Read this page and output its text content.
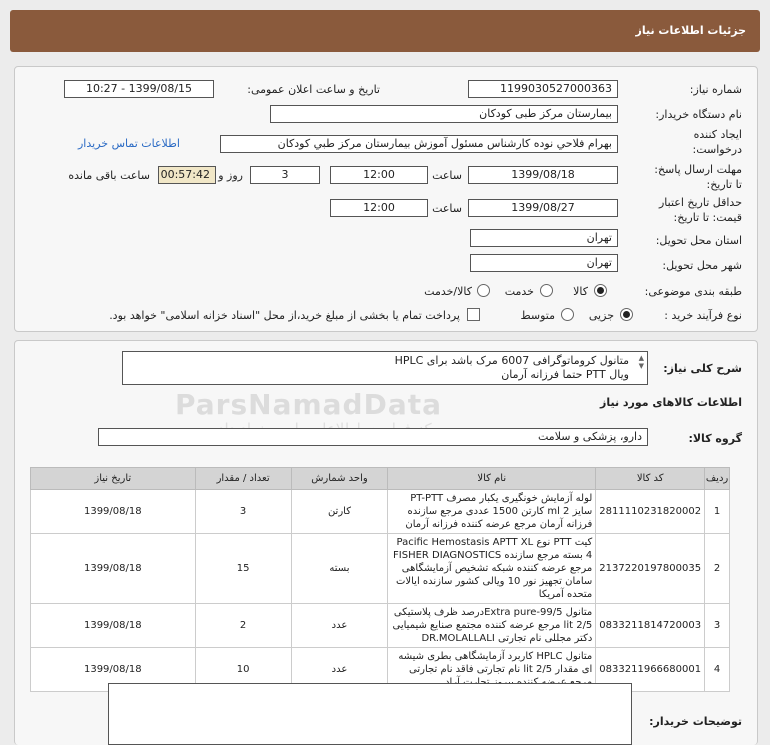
جزئیات اطلاعات نیاز
شماره نیاز:
1199030527000363
تاریخ و ساعت اعلان عمومی:
1399/08/15 - 10:27
نام دستگاه خریدار:
بیمارستان مرکز طبی کودکان
ایجاد کننده
درخواست:
بهرام فلاحي نوده كارشناس مسئول آموزش بيمارستان مركز طبي كودكان
اطلاعات تماس خریدار
مهلت ارسال پاسخ:
تا تاریخ:
1399/08/18
ساعت
12:00
3
روز و
00:57:42
ساعت باقی مانده
حداقل تاریخ اعتبار
قیمت: تا تاریخ:
1399/08/27
ساعت
12:00
استان محل تحویل:
تهران
شهر محل تحویل:
تهران
طبقه بندی موضوعی:
کالا
خدمت
کالا/خدمت
نوع فرآیند خرید :
جزیی
متوسط
پرداخت تمام یا بخشی از مبلغ خرید،از محل "اسناد خزانه اسلامی" خواهد بود.
شرح کلی نیاز:
متانول کروماتوگرافی 6007 مرک باشد برای HPLC
ویال PTT حتما فرزانه آرمان
▲
▼
ParsNamadData	اطلاعات کالاهای مورد نیاز
گروه کالا:
دارو، پزشکی و سلامت
ردیف	کد کالا	نام کالا	واحد شمارش	تعداد / مقدار	تاریخ نیاز
1	2811110231820002	لوله آزمایش خونگیری یکبار مصرف PT-PTT سایز ml 2 کارتن 1500 عددی مرجع سازنده فرزانه آرمان مرجع عرضه کننده فرزانه آرمان	کارتن	3	1399/08/18
2	2137220197800035	کیت PTT نوع Pacific Hemostasis APTT XL 4 بسته مرجع سازنده FISHER DIAGNOSTICS مرجع عرضه کننده شبکه تشخیص آزمایشگاهی سامان تجهیز نور 10 ویالی کشور سازنده ایالات متحده آمریکا	بسته	15	1399/08/18
3	0833211814720003	متانول Extra pure-99/5درصد ظرف پلاستیکی lit 2/5 مرجع عرضه کننده مجتمع صنایع شیمیایی دکتر مجللی نام تجارتی DR.MOLALLALI	عدد	2	1399/08/18
4	0833211966680001	متانول HPLC کاربرد آزمایشگاهی بطری شیشه ای مقدار lit 2/5 نام تجارتی فاقد نام تجارتی	عدد	10	1399/08/18
توضیحات خریدار:
